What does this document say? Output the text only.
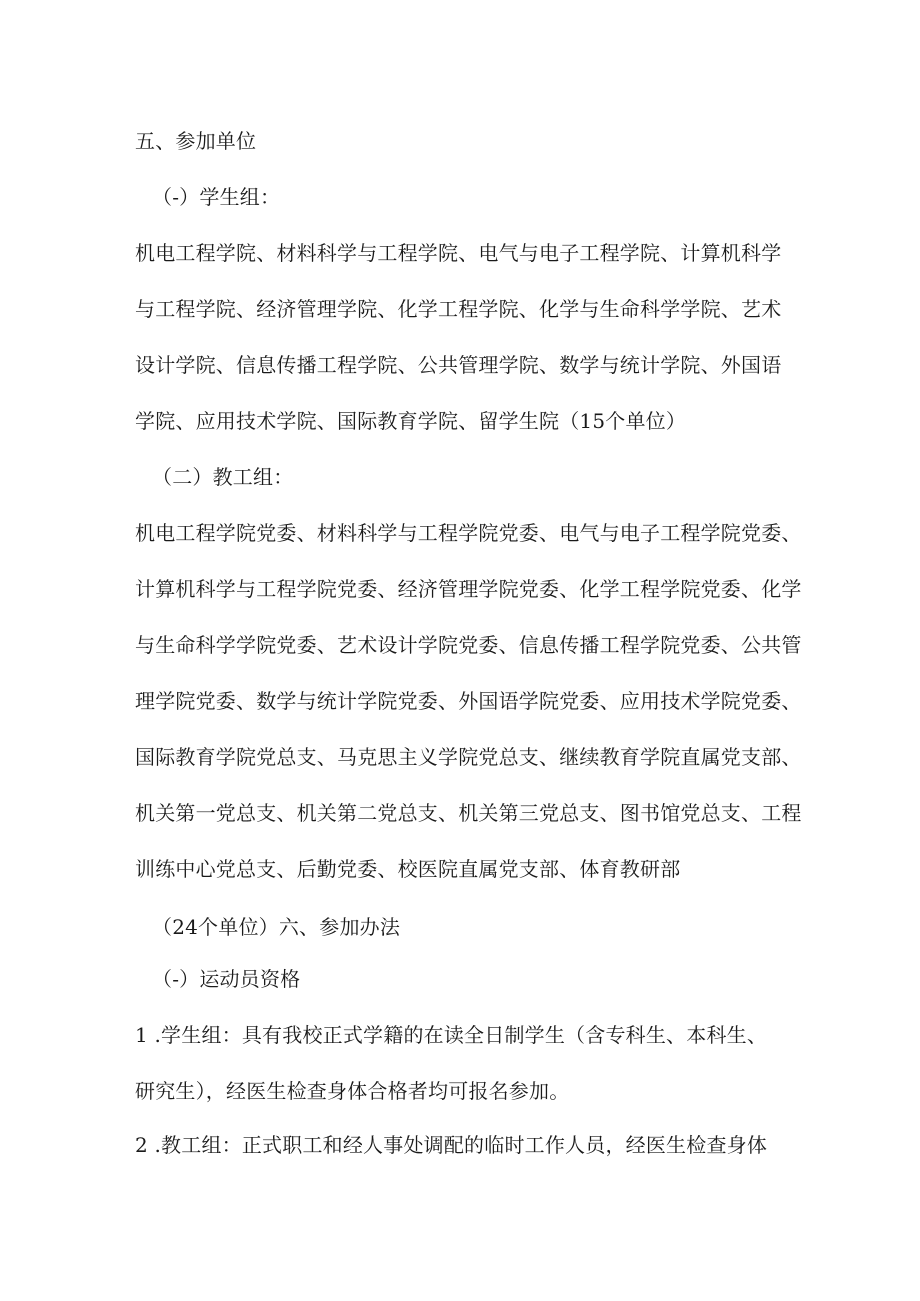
五、参加单位
（-）学生组：
机电工程学院、材料科学与工程学院、电气与电子工程学院、计算机科学
与工程学院、经济管理学院、化学工程学院、化学与生命科学学院、艺术
设计学院、信息传播工程学院、公共管理学院、数学与统计学院、外国语
学院、应用技术学院、国际教育学院、留学生院（15个单位）
（二）教工组：
机电工程学院党委、材料科学与工程学院党委、电气与电子工程学院党委、
计算机科学与工程学院党委、经济管理学院党委、化学工程学院党委、化学
与生命科学学院党委、艺术设计学院党委、信息传播工程学院党委、公共管
理学院党委、数学与统计学院党委、外国语学院党委、应用技术学院党委、
国际教育学院党总支、马克思主义学院党总支、继续教育学院直属党支部、
机关第一党总支、机关第二党总支、机关第三党总支、图书馆党总支、工程
训练中心党总支、后勤党委、校医院直属党支部、体育教研部
（24个单位）六、参加办法
（-）运动员资格
1 .学生组：具有我校正式学籍的在读全日制学生（含专科生、本科生、
研究生），经医生检查身体合格者均可报名参加。
2 .教工组：正式职工和经人事处调配的临时工作人员，经医生检查身体
